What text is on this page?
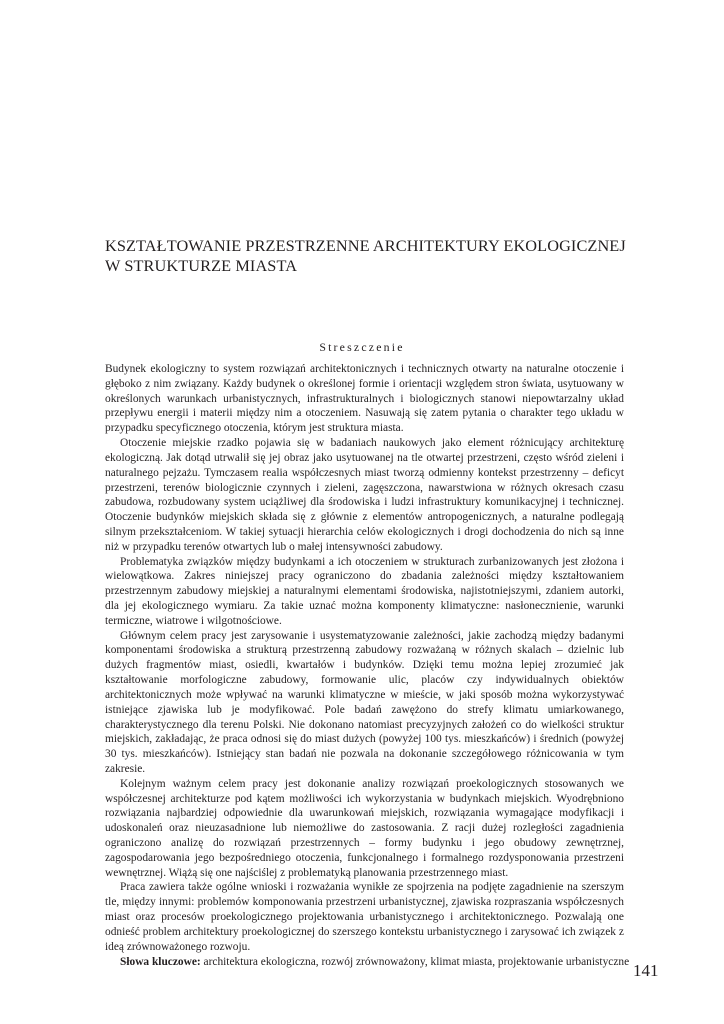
KSZTAŁTOWANIE PRZESTRZENNE ARCHITEKTURY EKOLOGICZNEJ
W STRUKTURZE MIASTA
Streszczenie

Budynek ekologiczny to system rozwiązań architektonicznych i technicznych otwarty na naturalne otoczenie i głęboko z nim związany. Każdy budynek o określonej formie i orientacji względem stron świata, usytuowany w określonych warunkach urbanistycznych, infrastrukturalnych i biologicznych stanowi niepowtarzalny układ przepływu energii i materii między nim a otoczeniem. Nasuwają się zatem pytania o charakter tego układu w przypadku specyficznego otoczenia, którym jest struktura miasta.

Otoczenie miejskie rzadko pojawia się w badaniach naukowych jako element różnicujący architekturę ekologiczną. Jak dotąd utrwalił się jej obraz jako usytuowanej na tle otwartej przestrzeni, często wśród zieleni i naturalnego pejzażu. Tymczasem realia współczesnych miast tworzą odmienny kontekst przestrzenny – deficyt przestrzeni, terenów biologicznie czynnych i zieleni, zagęszczona, nawarstwiona w różnych okresach czasu zabudowa, rozbudowany system uciążliwej dla środowiska i ludzi infrastruktury komunikacyjnej i technicznej. Otoczenie budynków miejskich składa się z głównie z elementów antropogenicznych, a naturalne podlegają silnym przekształceniom. W takiej sytuacji hierarchia celów ekologicznych i drogi dochodzenia do nich są inne niż w przypadku terenów otwartych lub o małej intensywności zabudowy.

Problematyka związków między budynkami a ich otoczeniem w strukturach zurbanizowanych jest złożona i wielowątkowa. Zakres niniejszej pracy ograniczono do zbadania zależności między kształtowaniem przestrzennym zabudowy miejskiej a naturalnymi elementami środowiska, najistotniejszymi, zdaniem autorki, dla jej ekologicznego wymiaru. Za takie uznać można komponenty klimatyczne: nasłonecznienie, warunki termiczne, wiatrowe i wilgotnościowe.

Głównym celem pracy jest zarysowanie i usystematyzowanie zależności, jakie zachodzą między badanymi komponentami środowiska a strukturą przestrzenną zabudowy rozważaną w różnych skalach – dzielnic lub dużych fragmentów miast, osiedli, kwartałów i budynków. Dzięki temu można lepiej zrozumieć jak kształtowanie morfologiczne zabudowy, formowanie ulic, placów czy indywidualnych obiektów architektonicznych może wpływać na warunki klimatyczne w mieście, w jaki sposób można wykorzystywać istniejące zjawiska lub je modyfikować. Pole badań zawężono do strefy klimatu umiarkowanego, charakterystycznego dla terenu Polski. Nie dokonano natomiast precyzyjnych założeń co do wielkości struktur miejskich, zakładając, że praca odnosi się do miast dużych (powyżej 100 tys. mieszkańców) i średnich (powyżej 30 tys. mieszkańców). Istniejący stan badań nie pozwala na dokonanie szczegółowego różnicowania w tym zakresie.

Kolejnym ważnym celem pracy jest dokonanie analizy rozwiązań proekologicznych stosowanych we współczesnej architekturze pod kątem możliwości ich wykorzystania w budynkach miejskich. Wyodrębniono rozwiązania najbardziej odpowiednie dla uwarunkowań miejskich, rozwiązania wymagające modyfikacji i udoskonaleń oraz nieuzasadnione lub niemożliwe do zastosowania. Z racji dużej rozległości zagadnienia ograniczono analizę do rozwiązań przestrzennych – formy budynku i jego obudowy zewnętrznej, zagospodarowania jego bezpośredniego otoczenia, funkcjonalnego i formalnego rozdysponowania przestrzeni wewnętrznej. Wiążą się one najściślej z problematyką planowania przestrzennego miast.

Praca zawiera także ogólne wnioski i rozważania wynikłe ze spojrzenia na podjęte zagadnienie na szerszym tle, między innymi: problemów komponowania przestrzeni urbanistycznej, zjawiska rozpraszania współczesnych miast oraz procesów proekologicznego projektowania urbanistycznego i architektonicznego. Pozwalają one odnieść problem architektury proekologicznej do szerszego kontekstu urbanistycznego i zarysować ich związek z ideą zrównoważonego rozwoju.

Słowa kluczowe: architektura ekologiczna, rozwój zrównoważony, klimat miasta, projektowanie urbanistyczne 141
